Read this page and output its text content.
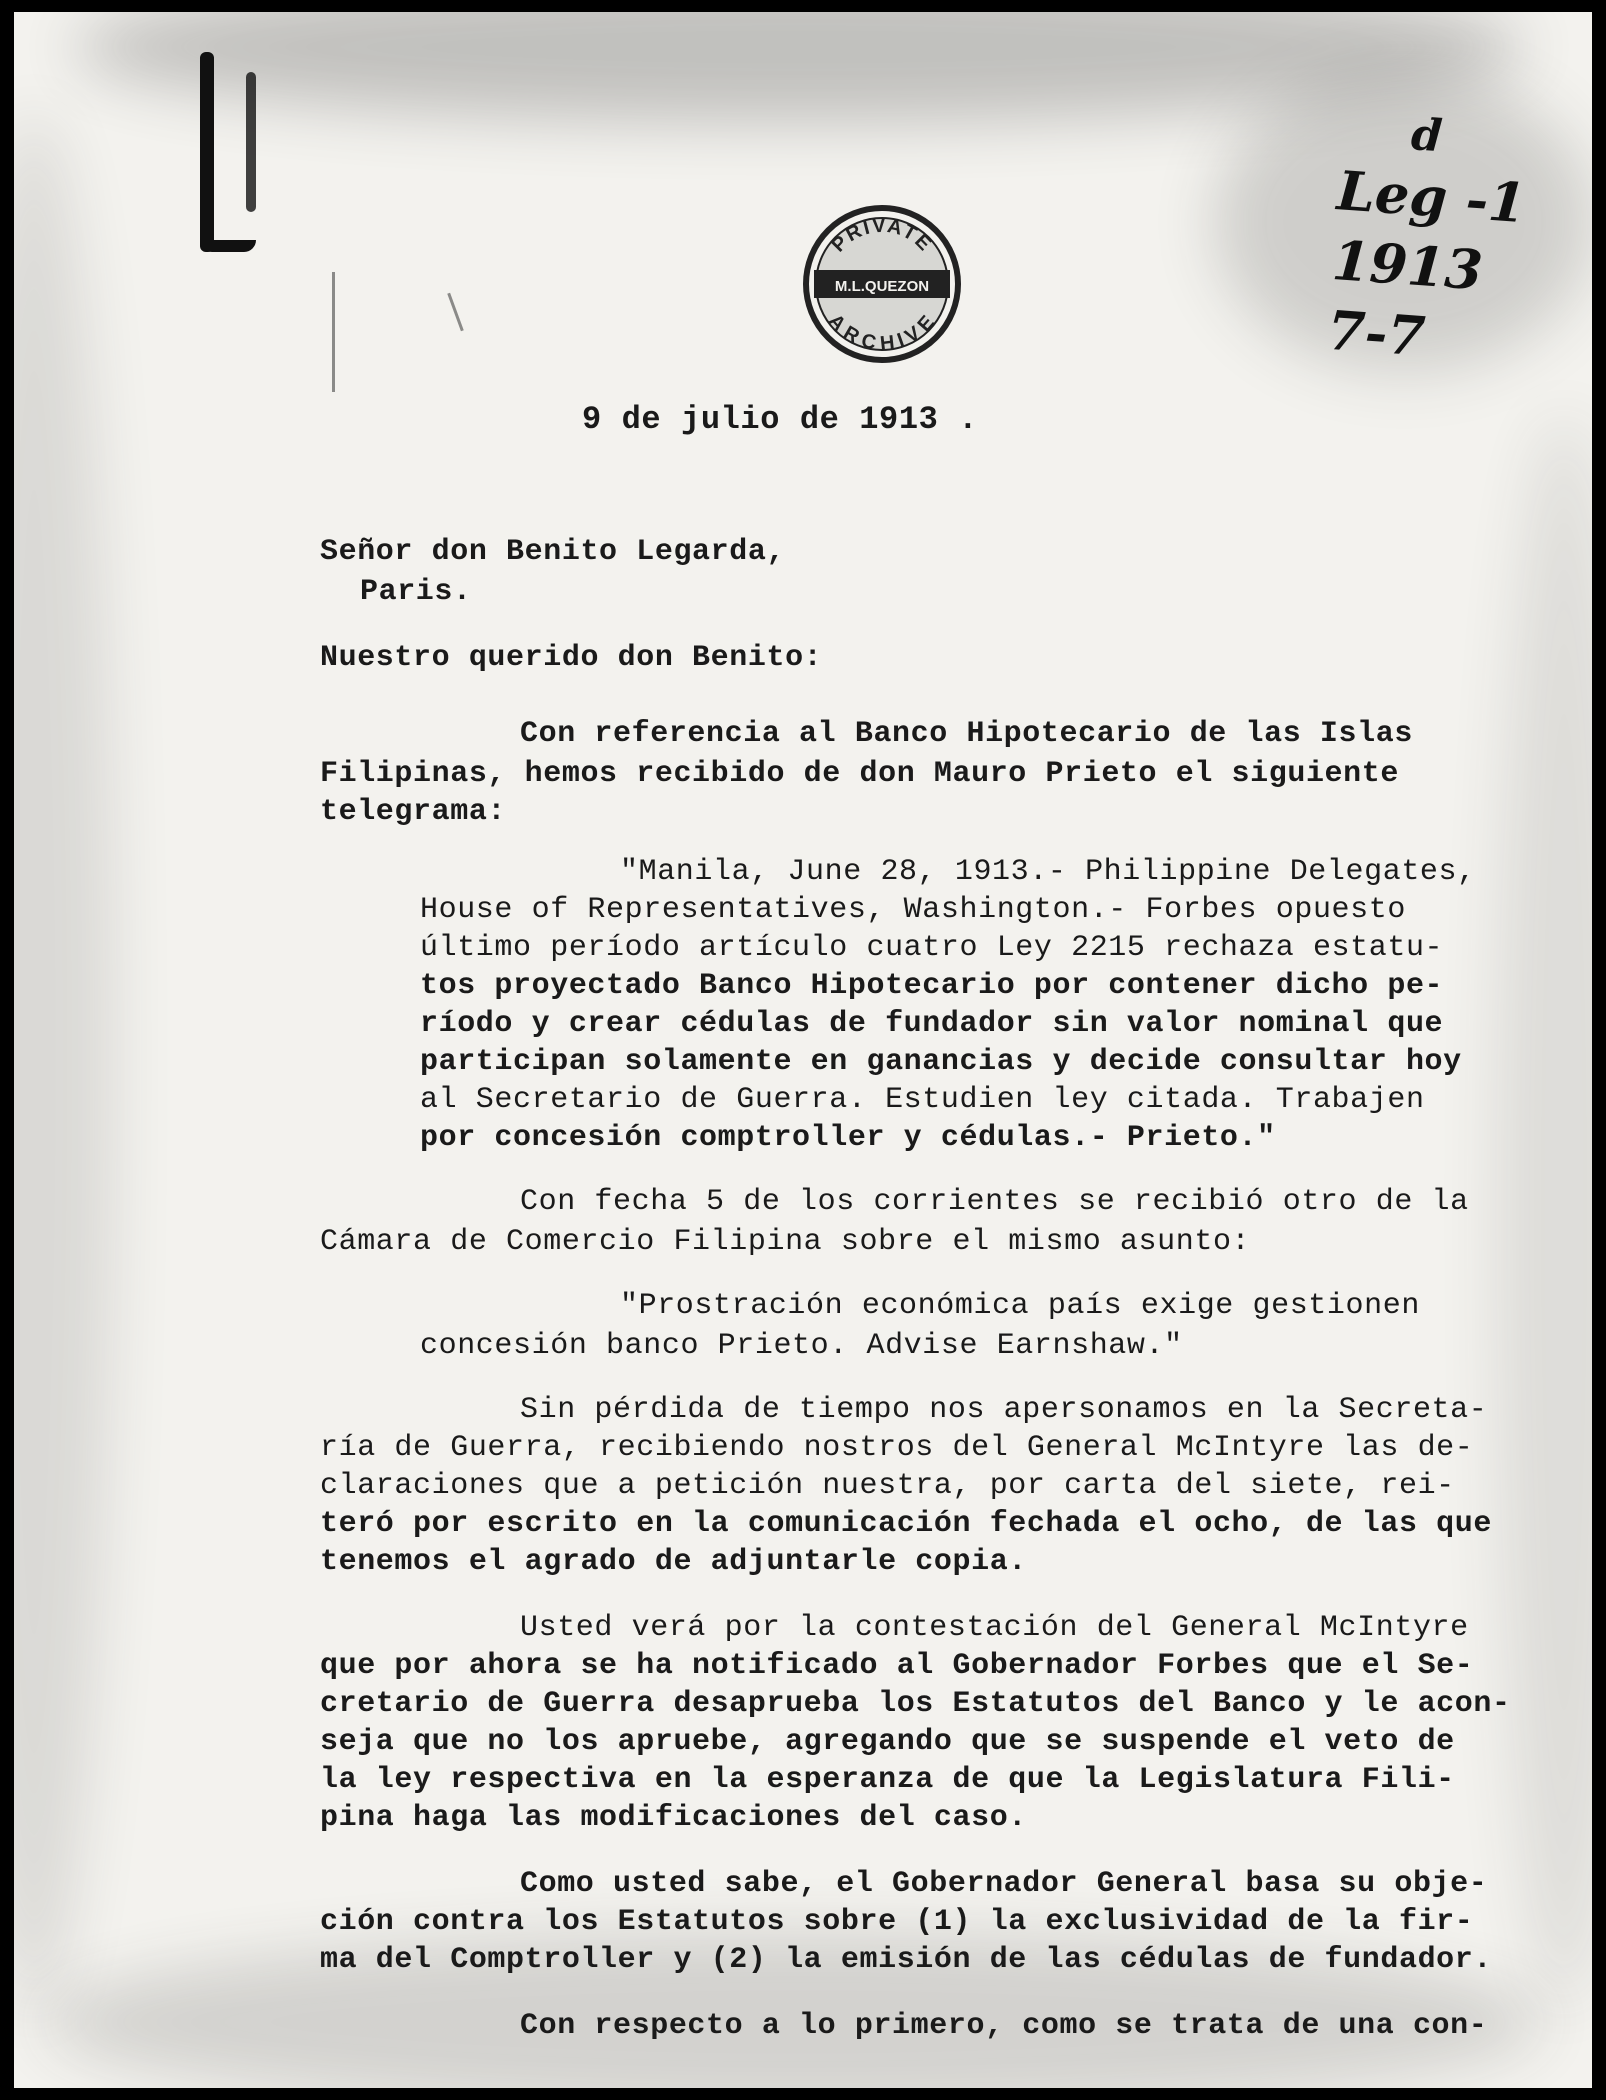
PRIVATE
M.L.QUEZON
ARCHIVE
d
Leg -1
1913
7-7
9 de julio de 1913 .
Señor don Benito Legarda,
Paris.
Nuestro querido don Benito:
Con referencia al Banco Hipotecario de las Islas
Filipinas, hemos recibido de don Mauro Prieto el siguiente
telegrama:
"Manila, June 28, 1913.- Philippine Delegates,
House of Representatives, Washington.- Forbes opuesto
último período artículo cuatro Ley 2215 rechaza estatu-
tos proyectado Banco Hipotecario por contener dicho pe-
ríodo y crear cédulas de fundador sin valor nominal que
participan solamente en ganancias y decide consultar hoy
al Secretario de Guerra. Estudien ley citada. Trabajen
por concesión comptroller y cédulas.- Prieto."
Con fecha 5 de los corrientes se recibió otro de la
Cámara de Comercio Filipina sobre el mismo asunto:
"Prostración económica país exige gestionen
concesión banco Prieto. Advise Earnshaw."
Sin pérdida de tiempo nos apersonamos en la Secreta-
ría de Guerra, recibiendo nostros del General McIntyre las de-
claraciones que a petición nuestra, por carta del siete, rei-
teró por escrito en la comunicación fechada el ocho, de las que
tenemos el agrado de adjuntarle copia.
Usted verá por la contestación del General McIntyre
que por ahora se ha notificado al Gobernador Forbes que el Se-
cretario de Guerra desaprueba los Estatutos del Banco y le acon-
seja que no los apruebe, agregando que se suspende el veto de
la ley respectiva en la esperanza de que la Legislatura Fili-
pina haga las modificaciones del caso.
Como usted sabe, el Gobernador General basa su obje-
ción contra los Estatutos sobre (1) la exclusividad de la fir-
ma del Comptroller y (2) la emisión de las cédulas de fundador.
Con respecto a lo primero, como se trata de una con-
